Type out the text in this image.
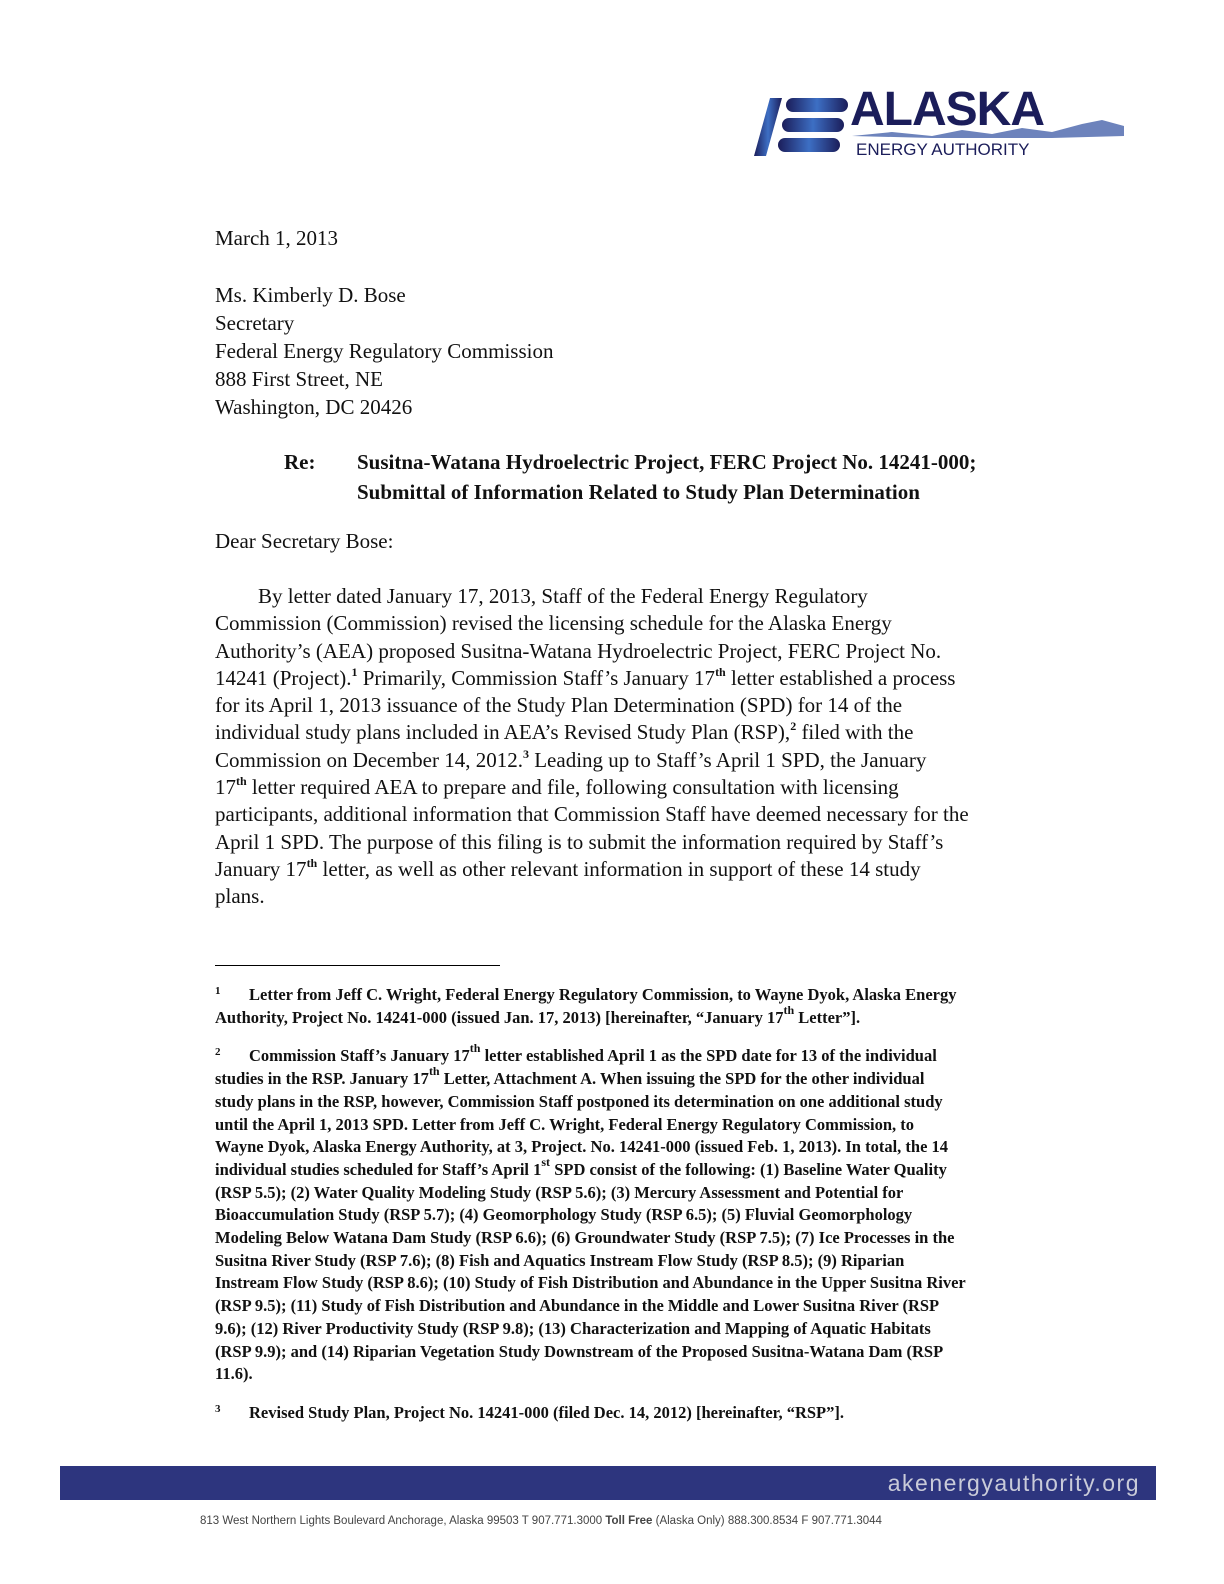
ALASKA
ENERGY AUTHORITY
March 1, 2013
Ms. Kimberly D. Bose
Secretary
Federal Energy Regulatory Commission
888 First Street, NE
Washington, DC 20426
Re: Susitna-Watana Hydroelectric Project, FERC Project No. 14241-000;
Submittal of Information Related to Study Plan Determination
Dear Secretary Bose:
By letter dated January 17, 2013, Staff of the Federal Energy Regulatory
Commission (Commission) revised the licensing schedule for the Alaska Energy
Authority’s (AEA) proposed Susitna-Watana Hydroelectric Project, FERC Project No.
14241 (Project).$^1$ Primarily, Commission Staff’s January 17th letter established a process
for its April 1, 2013 issuance of the Study Plan Determination (SPD) for 14 of the
individual study plans included in AEA’s Revised Study Plan (RSP),$^2$ filed with the
Commission on December 14, 2012.$^3$ Leading up to Staff’s April 1 SPD, the January
17th letter required AEA to prepare and file, following consultation with licensing
participants, additional information that Commission Staff have deemed necessary for the
April 1 SPD. The purpose of this filing is to submit the information required by Staff’s
January 17th letter, as well as other relevant information in support of these 14 study
plans.
1 Letter from Jeff C. Wright, Federal Energy Regulatory Commission, to Wayne Dyok, Alaska Energy
Authority, Project No. 14241-000 (issued Jan. 17, 2013) [hereinafter, “January 17th Letter”].
2 Commission Staff’s January 17th letter established April 1 as the SPD date for 13 of the individual
studies in the RSP. January 17th Letter, Attachment A. When issuing the SPD for the other individual
study plans in the RSP, however, Commission Staff postponed its determination on one additional study
until the April 1, 2013 SPD. Letter from Jeff C. Wright, Federal Energy Regulatory Commission, to
Wayne Dyok, Alaska Energy Authority, at 3, Project. No. 14241-000 (issued Feb. 1, 2013). In total, the 14
individual studies scheduled for Staff’s April 1st SPD consist of the following: (1) Baseline Water Quality
(RSP 5.5); (2) Water Quality Modeling Study (RSP 5.6); (3) Mercury Assessment and Potential for
Bioaccumulation Study (RSP 5.7); (4) Geomorphology Study (RSP 6.5); (5) Fluvial Geomorphology
Modeling Below Watana Dam Study (RSP 6.6); (6) Groundwater Study (RSP 7.5); (7) Ice Processes in the
Susitna River Study (RSP 7.6); (8) Fish and Aquatics Instream Flow Study (RSP 8.5); (9) Riparian
Instream Flow Study (RSP 8.6); (10) Study of Fish Distribution and Abundance in the Upper Susitna River
(RSP 9.5); (11) Study of Fish Distribution and Abundance in the Middle and Lower Susitna River (RSP
9.6); (12) River Productivity Study (RSP 9.8); (13) Characterization and Mapping of Aquatic Habitats
(RSP 9.9); and (14) Riparian Vegetation Study Downstream of the Proposed Susitna-Watana Dam (RSP
11.6).
3 Revised Study Plan, Project No. 14241-000 (filed Dec. 14, 2012) [hereinafter, “RSP”].
akenergyauthority.org
813 West Northern Lights Boulevard Anchorage, Alaska 99503 T 907.771.3000 Toll Free (Alaska Only) 888.300.8534 F 907.771.3044
